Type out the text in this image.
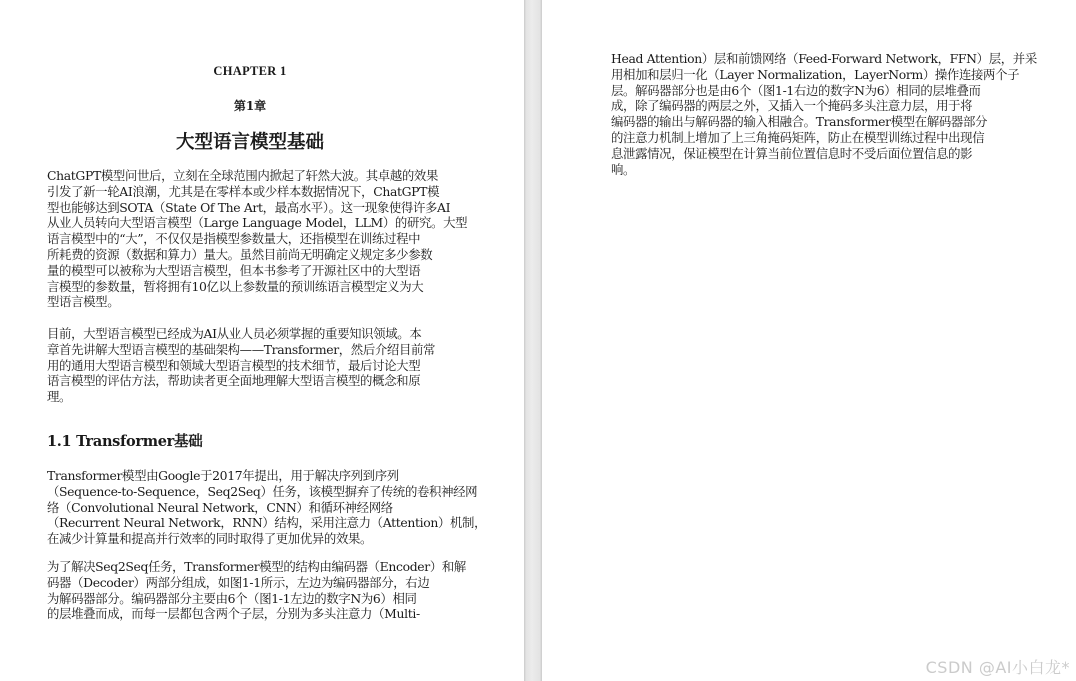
CHAPTER 1
第1章
大型语言模型基础

ChatGPT模型问世后，立刻在全球范围内掀起了轩然大波。其卓越的效果
引发了新一轮AI浪潮，尤其是在零样本或少样本数据情况下，ChatGPT模
型也能够达到SOTA（State Of The Art，最高水平）。这一现象使得许多AI
从业人员转向大型语言模型（Large Language Model，LLM）的研究。大型
语言模型中的“大”，不仅仅是指模型参数量大，还指模型在训练过程中
所耗费的资源（数据和算力）量大。虽然目前尚无明确定义规定多少参数
量的模型可以被称为大型语言模型，但本书参考了开源社区中的大型语
言模型的参数量，暂将拥有10亿以上参数量的预训练语言模型定义为大
型语言模型。

目前，大型语言模型已经成为AI从业人员必须掌握的重要知识领域。本
章首先讲解大型语言模型的基础架构——Transformer，然后介绍目前常
用的通用大型语言模型和领域大型语言模型的技术细节，最后讨论大型
语言模型的评估方法，帮助读者更全面地理解大型语言模型的概念和原
理。

1.1 Transformer基础

Transformer模型由Google于2017年提出，用于解决序列到序列
（Sequence-to-Sequence，Seq2Seq）任务，该模型摒弃了传统的卷积神经网
络（Convolutional Neural Network，CNN）和循环神经网络
（Recurrent Neural Network，RNN）结构，采用注意力（Attention）机制，
在减少计算量和提高并行效率的同时取得了更加优异的效果。

为了解决Seq2Seq任务，Transformer模型的结构由编码器（Encoder）和解
码器（Decoder）两部分组成，如图1-1所示，左边为编码器部分，右边
为解码器部分。编码器部分主要由6个（图1-1左边的数字N为6）相同
的层堆叠而成，而每一层都包含两个子层，分别为多头注意力（Multi-

Head Attention）层和前馈网络（Feed-Forward Network，FFN）层，并采
用相加和层归一化（Layer Normalization，LayerNorm）操作连接两个子
层。解码器部分也是由6个（图1-1右边的数字N为6）相同的层堆叠而
成，除了编码器的两层之外，又插入一个掩码多头注意力层，用于将
编码器的输出与解码器的输入相融合。Transformer模型在解码器部分
的注意力机制上增加了上三角掩码矩阵，防止在模型训练过程中出现信
息泄露情况，保证模型在计算当前位置信息时不受后面位置信息的影
响。

CSDN @AI小白龙*
